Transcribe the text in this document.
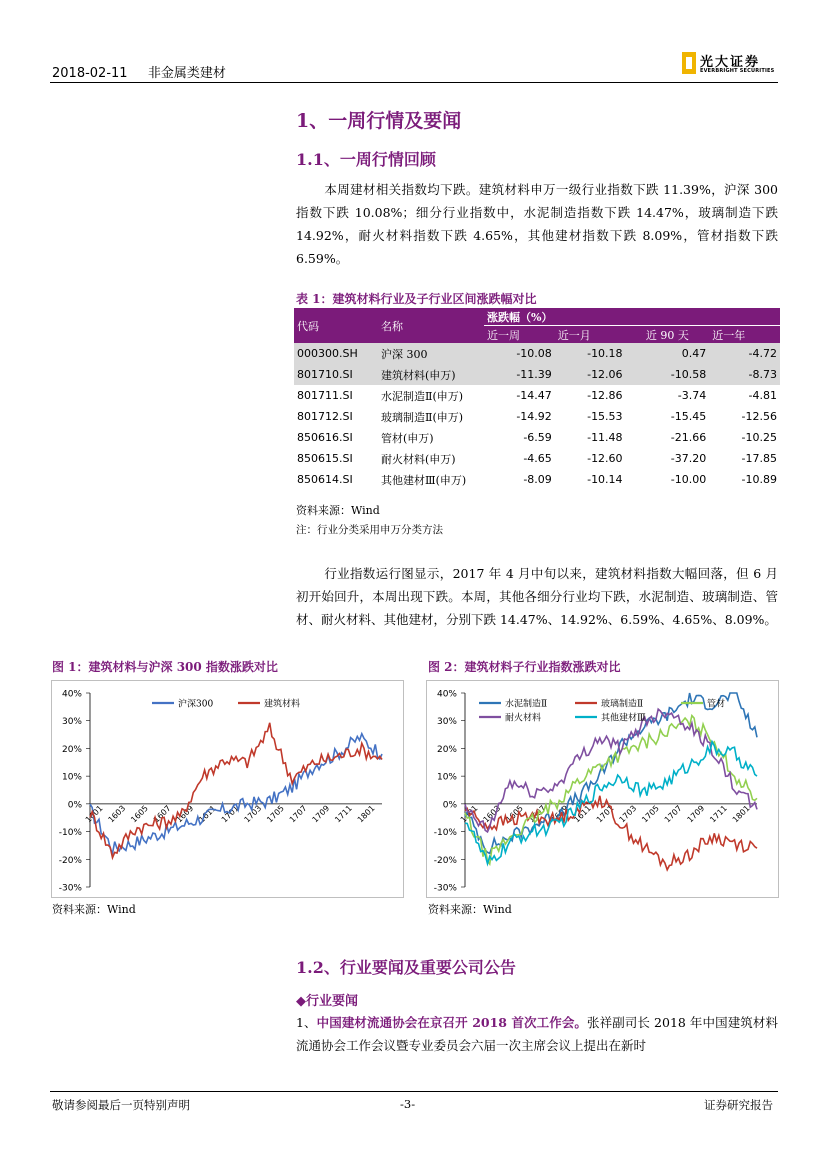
2018-02-11 非金属类建材
光大证券
EVERBRIGHT SECURITIES
1、一周行情及要闻
1.1、一周行情回顾
本周建材相关指数均下跌。建筑材料申万一级行业指数下跌 11.39%，沪深 300 指数下跌 10.08%；细分行业指数中，水泥制造指数下跌 14.47%，玻璃制造下跌 14.92%，耐火材料指数下跌 4.65%，其他建材指数下跌 8.09%，管材指数下跌 6.59%。
表 1：建筑材料行业及子行业区间涨跌幅对比
代码	名称	涨跌幅（%）			
		近一周	近一月	近 90 天	近一年
000300.SH	沪深 300	-10.08	-10.18	0.47	-4.72
801710.SI	建筑材料(申万)	-11.39	-12.06	-10.58	-8.73
801711.SI	水泥制造Ⅱ(申万)	-14.47	-12.86	-3.74	-4.81
801712.SI	玻璃制造Ⅱ(申万)	-14.92	-15.53	-15.45	-12.56
850616.SI	管材(申万)	-6.59	-11.48	-21.66	-10.25
850615.SI	耐火材料(申万)	-4.65	-12.60	-37.20	-17.85
850614.SI	其他建材Ⅲ(申万)	-8.09	-10.14	-10.00	-10.89
资料来源：Wind
注：行业分类采用申万分类方法
行业指数运行图显示，2017 年 4 月中旬以来，建筑材料指数大幅回落，但 6 月初开始回升，本周出现下跌。本周，其他各细分行业均下跌，水泥制造、玻璃制造、管材、耐火材料、其他建材，分别下跌 14.47%、14.92%、6.59%、4.65%、8.09%。
图 1：建筑材料与沪深 300 指数涨跌对比	图 2：建筑材料子行业指数涨跌对比
40%
30%
20%
10%
0%
-10%
-20%
-30%
1601 1603 1605 1607 1609 1611 1701 1703 1705 1707 1709 1711 1801
沪深300	建筑材料
40%
30%
20%
10%
0%
-10%
-20%
-30%
1601 1603 1605 1607 1609 1611 1701 1703 1705 1707 1709 1711 1801
水泥制造Ⅱ	玻璃制造Ⅱ	管材
耐火材料	其他建材Ⅲ
资料来源：Wind	资料来源：Wind
1.2、行业要闻及重要公司公告
◆行业要闻
1、中国建材流通协会在京召开 2018 首次工作会。张祥副司长 2018 年中国建筑材料流通协会工作会议暨专业委员会六届一次主席会议上提出在新时
敬请参阅最后一页特别声明	-3-	证券研究报告
